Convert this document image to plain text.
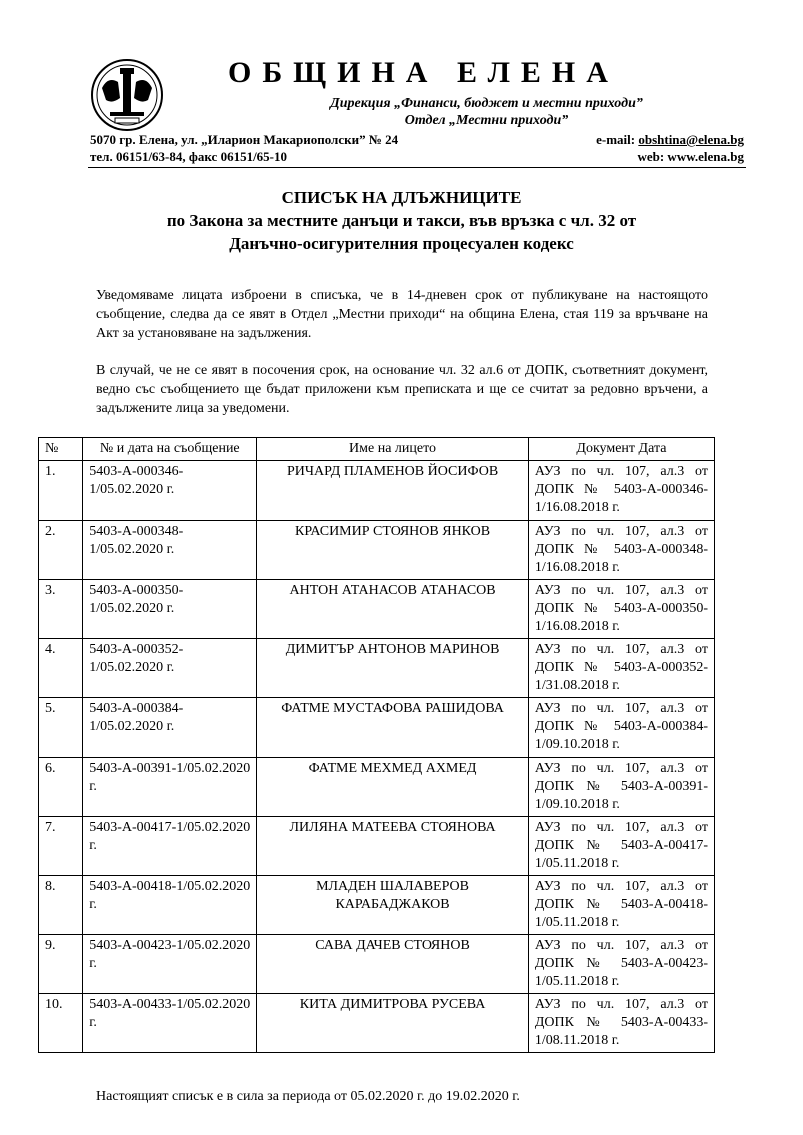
ОБЩИНА ЕЛЕНА
Дирекция „Финанси, бюджет и местни приходи”
Отдел „Местни приходи”
5070 гр. Елена, ул. „Иларион Макариополски” № 24
тел. 06151/63-84, факс 06151/65-10
e-mail: obshtina@elena.bg
web: www.elena.bg
СПИСЪК НА ДЛЪЖНИЦИТЕ
по Закона за местните данъци и такси, във връзка с чл. 32 от
Данъчно-осигурителния процесуален кодекс

Уведомяваме лицата изброени в списъка, че в 14-дневен срок от публикуване на настоящото съобщение, следва да се явят в Отдел „Местни приходи“ на община Елена, стая 119 за връчване на Акт за установяване на задължения.

В случай, че не се явят в посочения срок, на основание чл. 32 ал.6 от ДОПК, съответният документ, ведно със съобщението ще бъдат приложени към преписката и ще се считат за редовно връчени, а задължените лица за уведомени.

№	№ и дата на съобщение	Име на лицето	Документ Дата
1.	5403-А-000346-1/05.02.2020 г.	РИЧАРД ПЛАМЕНОВ ЙОСИФОВ	АУЗ по чл. 107, ал.3 от ДОПК № 5403-А-000346-1/16.08.2018 г.
2.	5403-А-000348-1/05.02.2020 г.	КРАСИМИР СТОЯНОВ ЯНКОВ	АУЗ по чл. 107, ал.3 от ДОПК № 5403-А-000348-1/16.08.2018 г.
3.	5403-А-000350-1/05.02.2020 г.	АНТОН АТАНАСОВ АТАНАСОВ	АУЗ по чл. 107, ал.3 от ДОПК № 5403-А-000350-1/16.08.2018 г.
4.	5403-А-000352-1/05.02.2020 г.	ДИМИТЪР АНТОНОВ МАРИНОВ	АУЗ по чл. 107, ал.3 от ДОПК № 5403-А-000352-1/31.08.2018 г.
5.	5403-А-000384-1/05.02.2020 г.	ФАТМЕ МУСТАФОВА РАШИДОВА	АУЗ по чл. 107, ал.3 от ДОПК № 5403-А-000384-1/09.10.2018 г.
6.	5403-А-00391-1/05.02.2020 г.	ФАТМЕ МЕХМЕД АХМЕД	АУЗ по чл. 107, ал.3 от ДОПК № 5403-А-00391-1/09.10.2018 г.
7.	5403-А-00417-1/05.02.2020 г.	ЛИЛЯНА МАТЕЕВА СТОЯНОВА	АУЗ по чл. 107, ал.3 от ДОПК № 5403-А-00417-1/05.11.2018 г.
8.	5403-А-00418-1/05.02.2020 г.	МЛАДЕН ШАЛАВЕРОВ КАРАБАДЖАКОВ	АУЗ по чл. 107, ал.3 от ДОПК № 5403-А-00418-1/05.11.2018 г.
9.	5403-А-00423-1/05.02.2020 г.	САВА ДАЧЕВ СТОЯНОВ	АУЗ по чл. 107, ал.3 от ДОПК № 5403-А-00423-1/05.11.2018 г.
10.	5403-А-00433-1/05.02.2020 г.	КИТА ДИМИТРОВА РУСЕВА	АУЗ по чл. 107, ал.3 от ДОПК № 5403-А-00433-1/08.11.2018 г.
Настоящият списък е в сила за периода от 05.02.2020 г. до 19.02.2020 г.
